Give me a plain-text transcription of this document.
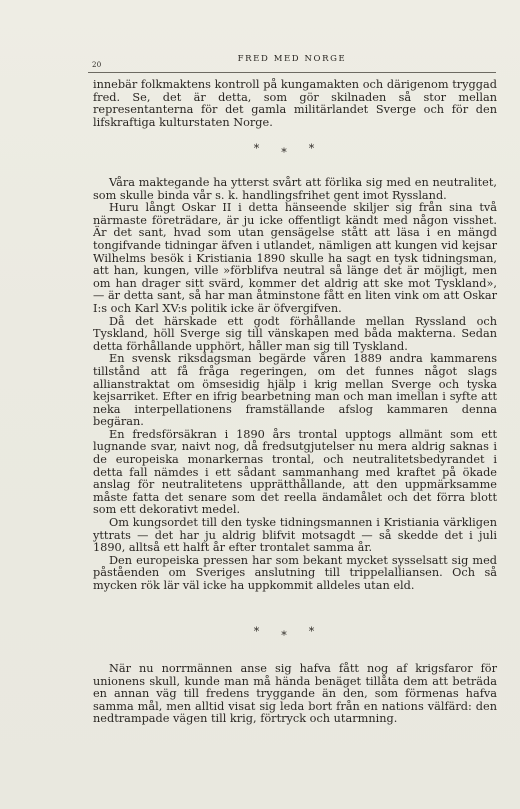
20
FRED MED NORGE

innebär folkmaktens kontroll på kungamakten och därigenom tryggad fred. Se, det är detta, som gör skilnaden så stor mellan representanterna för det gamla militärlandet Sverge och för den lifskraftiga kulturstaten Norge.

***

Våra maktegande ha ytterst svårt att förlika sig med en neutralitet, som skulle binda vår s. k. handlingsfrihet gent imot Ryssland.

Huru långt Oskar II i detta hänseende skiljer sig från sina två närmaste företrädare, är ju icke offentligt kändt med någon visshet. Är det sant, hvad som utan gensägelse stått att läsa i en mängd tongifvande tidningar äfven i utlandet, nämligen att kungen vid kejsar Wilhelms besök i Kristiania 1890 skulle ha sagt en tysk tidningsman, att han, kungen, ville »förblifva neutral så länge det är möjligt, men om han drager sitt svärd, kommer det aldrig att ske mot Tyskland», — är detta sant, så har man åtminstone fått en liten vink om att Oskar I:s och Karl XV:s politik icke är öfvergifven.

Då det härskade ett godt förhållande mellan Ryssland och Tyskland, höll Sverge sig till vänskapen med båda makterna. Sedan detta förhållande upphört, håller man sig till Tyskland.

En svensk riksdagsman begärde våren 1889 andra kammarens tillstånd att få fråga regeringen, om det funnes något slags allianstraktat om ömsesidig hjälp i krig mellan Sverge och tyska kejsarriket. Efter en ifrig bearbetning man och man imellan i syfte att neka interpellationens framställande afslog kammaren denna begäran.

En fredsförsäkran i 1890 års trontal upptogs allmänt som ett lugnande svar, naivt nog, då fredsutgjutelser nu mera aldrig saknas i de europeiska monarkernas trontal, och neutralitetsbedyrandet i detta fall nämdes i ett sådant sammanhang med kraftet på ökade anslag för neutralitetens upprätthållande, att den uppmärksamme måste fatta det senare som det reella ändamålet och det förra blott som ett dekorativt medel.

Om kungsordet till den tyske tidningsmannen i Kristiania värkligen yttrats — det har ju aldrig blifvit motsagdt — så skedde det i juli 1890, alltså ett halft år efter trontalet samma år.

Den europeiska pressen har som bekant mycket sysselsatt sig med påståenden om Sveriges anslutning till trippelalliansen. Och så mycken rök lär väl icke ha uppkommit alldeles utan eld.

***

När nu norrmännen anse sig hafva fått nog af krigsfaror för unionens skull, kunde man må hända benäget tillåta dem att beträda en annan väg till fredens tryggande än den, som förmenas hafva samma mål, men alltid visat sig leda bort från en nations välfärd: den nedtrampade vägen till krig, förtryck och utarmning.
